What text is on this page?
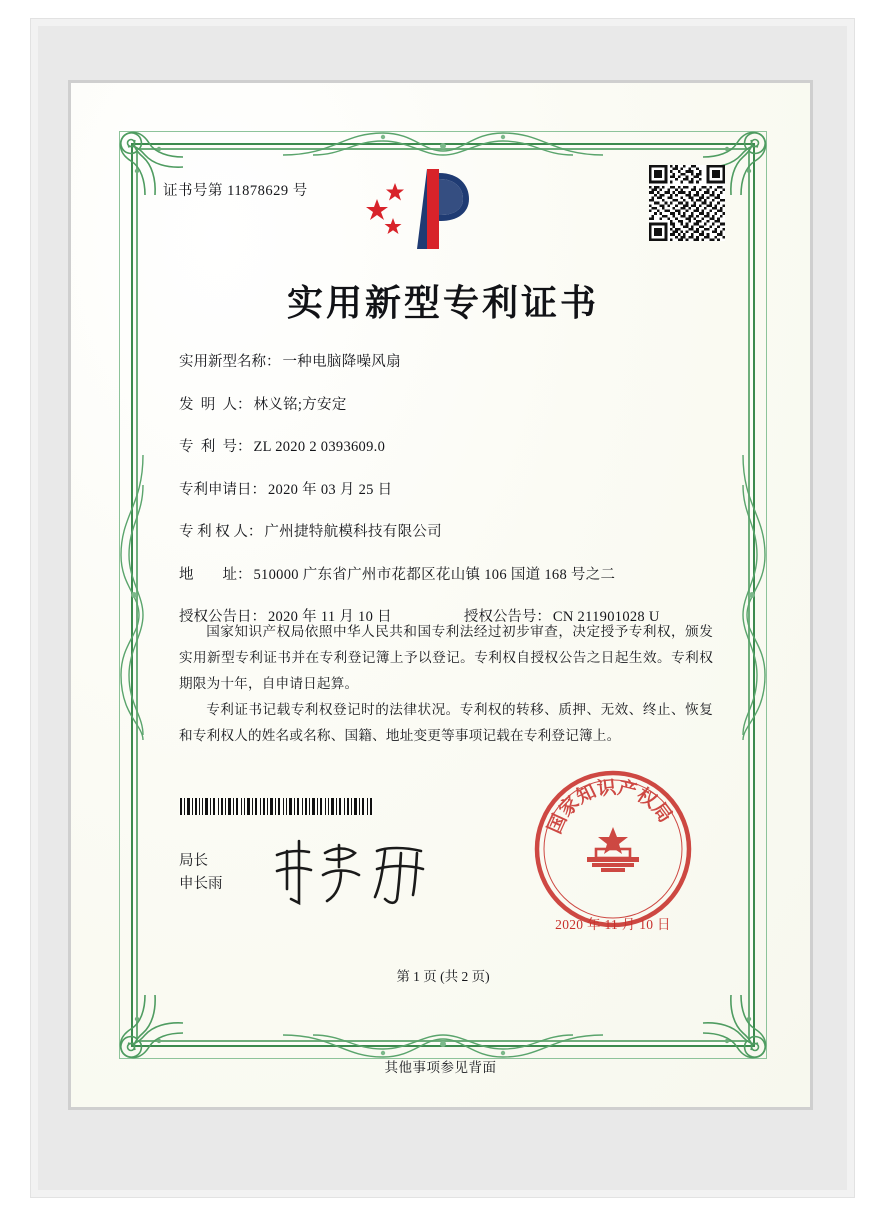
证书号第 11878629 号
实用新型专利证书
实用新型名称： 一种电脑降噪风扇
发  明  人： 林义铭;方安定
专  利  号： ZL 2020 2 0393609.0
专利申请日： 2020 年 03 月 25 日
专 利 权 人： 广州捷特航模科技有限公司
地        址： 510000 广东省广州市花都区花山镇 106 国道 168 号之二
授权公告日： 2020 年 11 月 10 日	授权公告号： CN 211901028 U
国家知识产权局依照中华人民共和国专利法经过初步审查，决定授予专利权，颁发实用新型专利证书并在专利登记簿上予以登记。专利权自授权公告之日起生效。专利权期限为十年，自申请日起算。
专利证书记载专利权登记时的法律状况。专利权的转移、质押、无效、终止、恢复和专利权人的姓名或名称、国籍、地址变更等事项记载在专利登记簿上。
局长
申长雨
国家知识产权局
2020 年 11 月 10 日
第 1 页 (共 2 页)
其他事项参见背面
